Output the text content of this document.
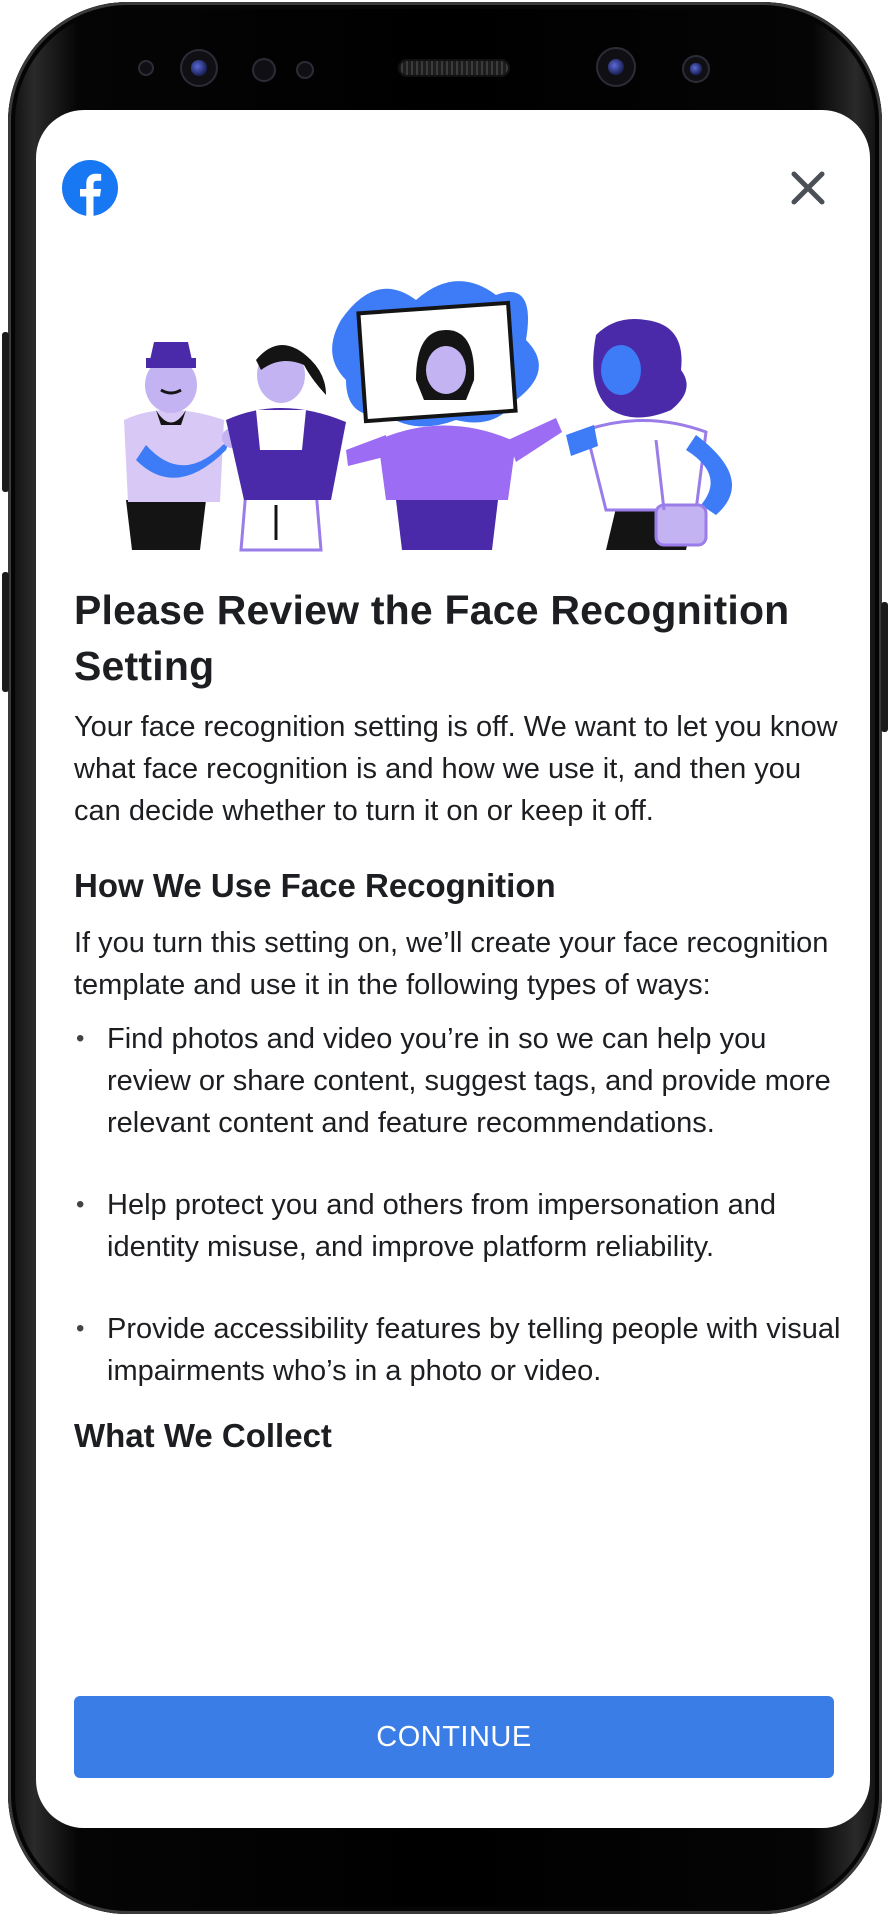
Please Review the Face Recognition Setting

Your face recognition setting is off. We want to let you know what face recognition is and how we use it, and then you can decide whether to turn it on or keep it off.

How We Use Face Recognition

If you turn this setting on, we’ll create your face recognition template and use it in the following types of ways:

• Find photos and video you’re in so we can help you review or share content, suggest tags, and provide more relevant content and feature recommendations.
• Help protect you and others from impersonation and identity misuse, and improve platform reliability.
• Provide accessibility features by telling people with visual impairments who’s in a photo or video.
What We Collect
CONTINUE
